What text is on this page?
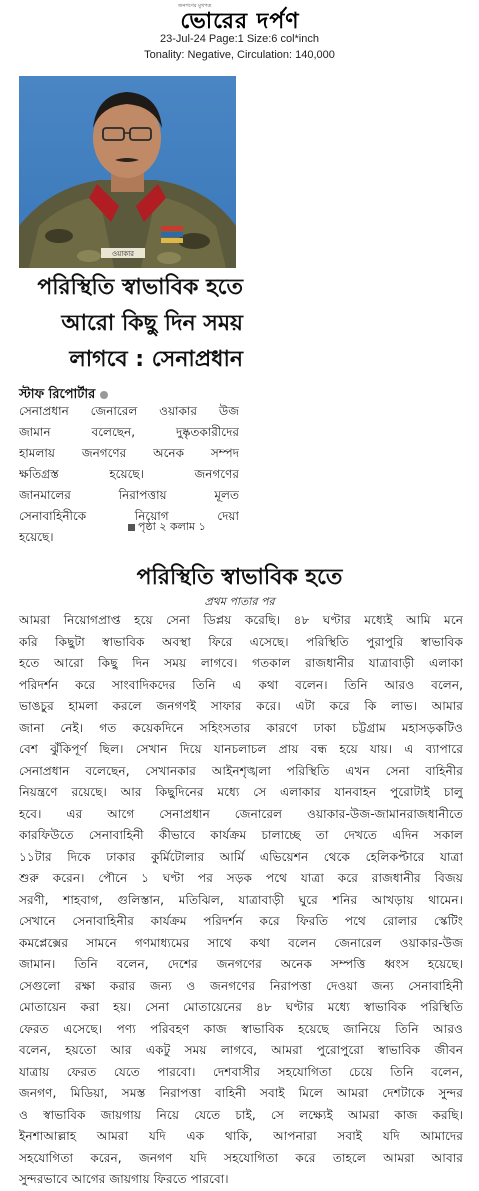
জনগণের মুখপত্র
ভোরের দর্পণ
23-Jul-24 Page:1 Size:6 col*inch
Tonality: Negative, Circulation: 140,000
ওয়াকার
পরিস্থিতি স্বাভাবিক হতে
আরো কিছু দিন সময়
লাগবে : সেনাপ্রধান
স্টাফ রিপোর্টার
সেনাপ্রধান জেনারেল ওয়াকার উজ
জামান বলেছেন, দুষ্কৃতকারীদের
হামলায় জনগণের অনেক সম্পদ
ক্ষতিগ্রস্ত হয়েছে। জনগণের
জানমালের নিরাপত্তায় মূলত
সেনাবাহিনীকে নিয়োগ দেয়া
হয়েছে।
পৃষ্ঠা ২ কলাম ১
পরিস্থিতি স্বাভাবিক হতে
প্রথম পাতার পর
আমরা নিয়োগপ্রাপ্ত হয়ে সেনা ডিপ্লয় করেছি। ৪৮ ঘণ্টার মধ্যেই আমি মনে
করি কিছুটা স্বাভাবিক অবস্থা ফিরে এসেছে। পরিস্থিতি পুরাপুরি স্বাভাবিক
হতে আরো কিছু দিন সময় লাগবে। গতকাল রাজধানীর যাত্রাবাড়ী এলাকা
পরিদর্শন করে সাংবাদিকদের তিনি এ কথা বলেন। তিনি আরও বলেন,
ভাঙচুর হামলা করলে জনগণই সাফার করে। এটা করে কি লাভ। আমার
জানা নেই। গত কয়েকদিনে সহিংসতার কারণে ঢাকা চট্টগ্রাম মহাসড়কটিও
বেশ ঝুঁকিপূর্ণ ছিল। সেখান দিয়ে যানচলাচল প্রায় বন্ধ হয়ে যায়। এ ব্যাপারে
সেনাপ্রধান বলেছেন, সেখানকার আইনশৃঙ্খলা পরিস্থিতি এখন সেনা বাহিনীর
নিয়ন্ত্রণে রয়েছে। আর কিছুদিনের মধ্যে সে এলাকার যানবাহন পুরোটাই চালু
হবে। এর আগে সেনাপ্রধান জেনারেল ওয়াকার-উজ-জামানরাজধানীতে
কারফিউতে সেনাবাহিনী কীভাবে কার্যক্রম চালাচ্ছে তা দেখতে এদিন সকাল
১১টার দিকে ঢাকার কুর্মিটোলার আর্মি এভিয়েশন থেকে হেলিকপ্টারে যাত্রা
শুরু করেন। পৌনে ১ ঘণ্টা পর সড়ক পথে যাত্রা করে রাজধানীর বিজয়
সরণী, শাহবাগ, গুলিস্তান, মতিঝিল, যাত্রাবাড়ী ঘুরে শনির আখড়ায় থামেন।
সেখানে সেনাবাহিনীর কার্যক্রম পরিদর্শন করে ফিরতি পথে রোলার স্কেটিং
কমপ্লেক্সের সামনে গণমাধ্যমের সাথে কথা বলেন জেনারেল ওয়াকার-উজ
জামান। তিনি বলেন, দেশের জনগণের অনেক সম্পত্তি ধ্বংস হয়েছে।
সেগুলো রক্ষা করার জন্য ও জনগণের নিরাপত্তা দেওয়া জন্য সেনাবাহিনী
মোতায়েন করা হয়। সেনা মোতায়েনের ৪৮ ঘণ্টার মধ্যে স্বাভাবিক পরিস্থিতি
ফেরত এসেছে। পণ্য পরিবহণ কাজ স্বাভাবিক হয়েছে জানিয়ে তিনি আরও
বলেন, হয়তো আর একটু সময় লাগবে, আমরা পুরোপুরো স্বাভাবিক জীবন
যাত্রায় ফেরত যেতে পারবো। দেশবাসীর সহযোগিতা চেয়ে তিনি বলেন,
জনগণ, মিডিয়া, সমস্ত নিরাপত্তা বাহিনী সবাই মিলে আমরা দেশটাকে সুন্দর
ও স্বাভাবিক জায়গায় নিয়ে যেতে চাই, সে লক্ষ্যেই আমরা কাজ করছি।
ইনশাআল্লাহ আমরা যদি এক থাকি, আপনারা সবাই যদি আমাদের
সহযোগিতা করেন, জনগণ যদি সহযোগিতা করে তাহলে আমরা আবার
সুন্দরভাবে আগের জায়গায় ফিরতে পারবো।
